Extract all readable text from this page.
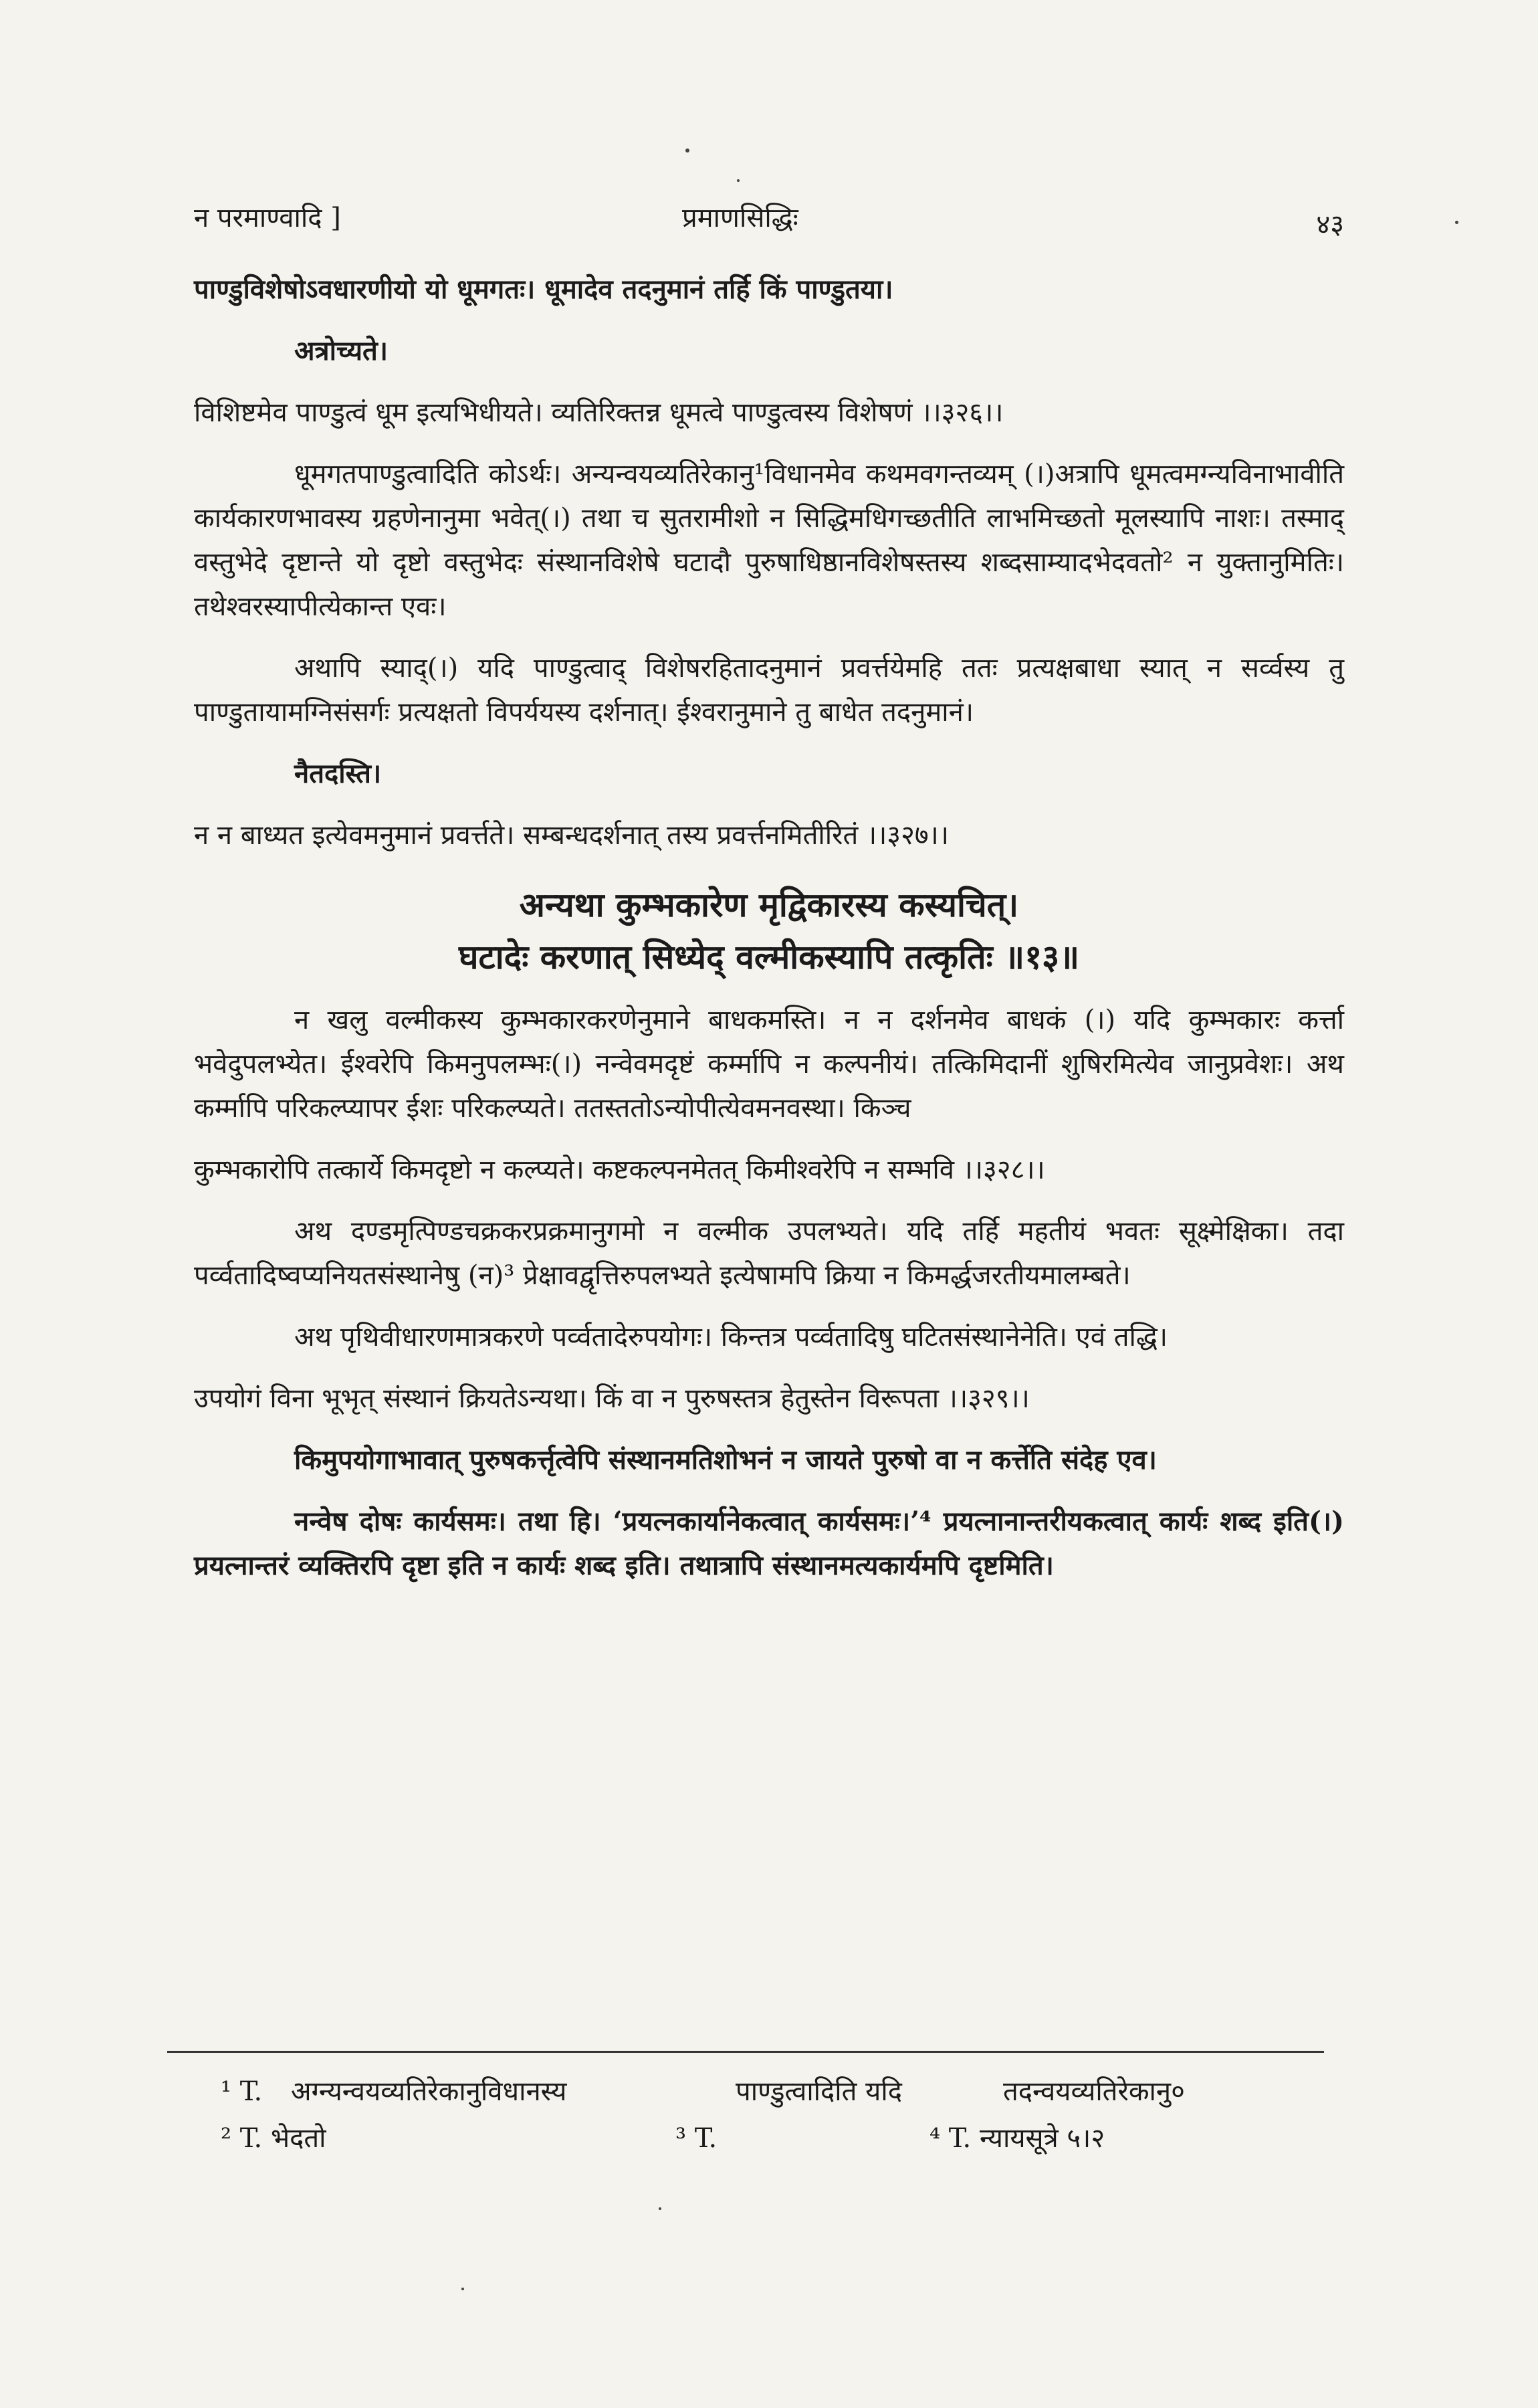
न परमाण्वादि ]	प्रमाणसिद्धिः	४३

पाण्डुविशेषोऽवधारणीयो यो धूमगतः। धूमादेव तदनुमानं तर्हि किं पाण्डुतया।

अत्रोच्यते।

विशिष्टमेव पाण्डुत्वं धूम इत्यभिधीयते। व्यतिरिक्तन्न धूमत्वे पाण्डुत्वस्य विशेषणं ।।३२६।।

धूमगतपाण्डुत्वादिति कोऽर्थः। अन्यन्वयव्यतिरेकानु¹विधानमेव कथमवगन्तव्यम् (।)अत्रापि धूमत्वमग्न्यविनाभावीति कार्यकारणभावस्य ग्रहणेनानुमा भवेत्(।) तथा च सुतरामीशो न सिद्धिमधिगच्छतीति लाभमिच्छतो मूलस्यापि नाशः। तस्माद् वस्तुभेदे दृष्टान्ते यो दृष्टो वस्तुभेदः संस्थानविशेषे घटादौ पुरुषाधिष्ठानविशेषस्तस्य शब्दसाम्यादभेदवतो² न युक्तानुमितिः। तथेश्वरस्यापीत्येकान्त एवः।

अथापि स्याद्(।) यदि पाण्डुत्वाद् विशेषरहितादनुमानं प्रवर्त्तयेमहि ततः प्रत्यक्षबाधा स्यात् न सर्व्वस्य तु पाण्डुतायामग्निसंसर्गः प्रत्यक्षतो विपर्ययस्य दर्शनात्। ईश्वरानुमाने तु बाधेत तदनुमानं।

नैतदस्ति।

न न बाध्यत इत्येवमनुमानं प्रवर्त्तते। सम्बन्धदर्शनात् तस्य प्रवर्त्तनमितीरितं ।।३२७।।

अन्यथा कुम्भकारेण मृद्विकारस्य कस्यचित्।
घटादेः करणात् सिध्येद् वल्मीकस्यापि तत्कृतिः ॥१३॥

न खलु वल्मीकस्य कुम्भकारकरणेनुमाने बाधकमस्ति। न न दर्शनमेव बाधकं (।) यदि कुम्भकारः कर्त्ता भवेदुपलभ्येत। ईश्वरेपि किमनुपलम्भः(।) नन्वेवमदृष्टं कर्म्मापि न कल्पनीयं। तत्किमिदानीं शुषिरमित्येव जानुप्रवेशः। अथ कर्म्मापि परिकल्प्यापर ईशः परिकल्प्यते। ततस्ततोऽन्योपीत्येवमनवस्था। किञ्च

कुम्भकारोपि तत्कार्ये किमदृष्टो न कल्प्यते। कष्टकल्पनमेतत् किमीश्वरेपि न सम्भवि ।।३२८।।

अथ दण्डमृत्पिण्डचक्रकरप्रक्रमानुगमो न वल्मीक उपलभ्यते। यदि तर्हि महतीयं भवतः सूक्ष्मेक्षिका। तदा पर्व्वतादिष्वप्यनियतसंस्थानेषु (न)³ प्रेक्षावद्वृत्तिरुपलभ्यते इत्येषामपि क्रिया न किमर्द्धजरतीयमालम्बते।

अथ पृथिवीधारणमात्रकरणे पर्व्वतादेरुपयोगः। किन्तत्र पर्व्वतादिषु घटितसंस्थानेनेति। एवं तद्धि।

उपयोगं विना भूभृत् संस्थानं क्रियतेऽन्यथा। किं वा न पुरुषस्तत्र हेतुस्तेन विरूपता ।।३२९।।

किमुपयोगाभावात् पुरुषकर्त्तृत्वेपि संस्थानमतिशोभनं न जायते पुरुषो वा न कर्त्तेति संदेह एव।

नन्वेष दोषः कार्यसमः। तथा हि। ‘प्रयत्नकार्यानेकत्वात् कार्यसमः।’⁴ प्रयत्नानान्तरीयकत्वात् कार्यः शब्द इति(।) प्रयत्नान्तरं व्यक्तिरपि दृष्टा इति न कार्यः शब्द इति। तथात्रापि संस्थानमत्यकार्यमपि दृष्टमिति।

¹ T. अग्न्यन्वयव्यतिरेकानुविधानस्य	पाण्डुत्वादिति यदि	तदन्वयव्यतिरेकानु०
² T. भेदतो	³ T.	⁴ T. न्यायसूत्रे ५।२
